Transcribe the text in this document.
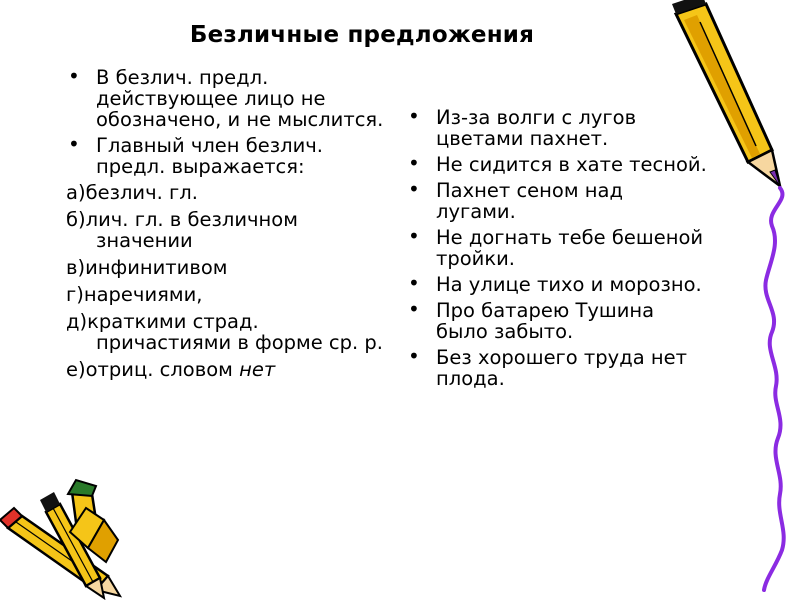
Безличные предложения
• В безлич. предл. действующее лицо не обозначено, и не мыслится.
• Главный член безлич. предл. выражается:
а)безлич. гл.
б)лич. гл. в безличном значении
в)инфинитивом
г)наречиями,
д)краткими страд. причастиями в форме ср. р.
е)отриц. словом нет
• Из-за волги с лугов цветами пахнет.
• Не сидится в хате тесной.
• Пахнет сеном над лугами.
• Не догнать тебе бешеной тройки.
• На улице тихо и морозно.
• Про батарею Тушина было забыто.
• Без хорошего труда нет плода.
